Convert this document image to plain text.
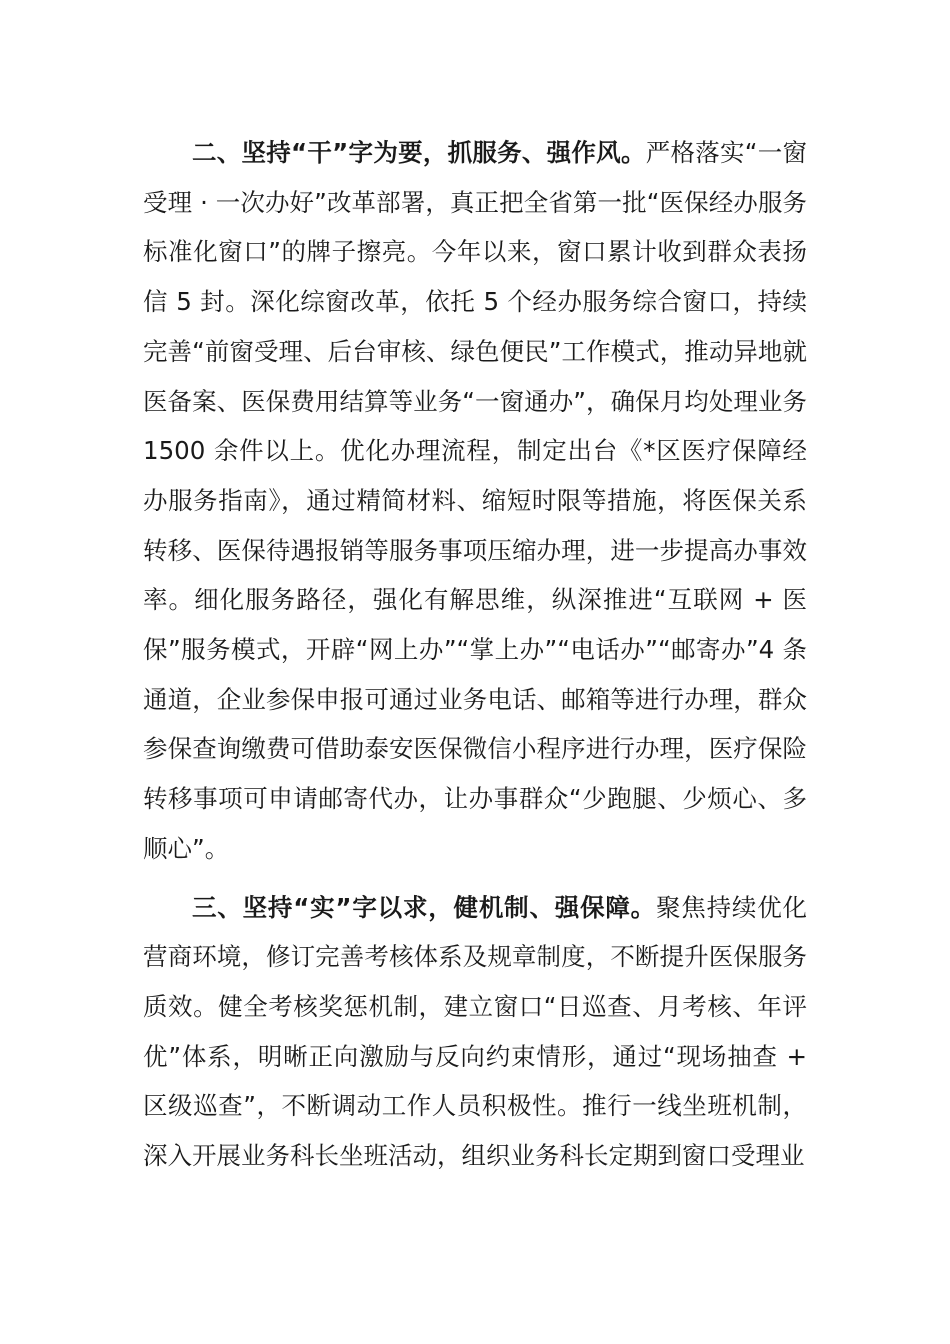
二、坚持“干”字为要，抓服务、强作风。严格落实“一窗受理 · 一次办好”改革部署，真正把全省第一批“医保经办服务标准化窗口”的牌子擦亮。今年以来，窗口累计收到群众表扬信 5 封。深化综窗改革，依托 5 个经办服务综合窗口，持续完善“前窗受理、后台审核、绿色便民”工作模式，推动异地就医备案、医保费用结算等业务“一窗通办”，确保月均处理业务 1500 余件以上。优化办理流程，制定出台《*区医疗保障经办服务指南》，通过精简材料、缩短时限等措施，将医保关系转移、医保待遇报销等服务事项压缩办理，进一步提高办事效率。细化服务路径，强化有解思维，纵深推进“互联网 + 医保”服务模式，开辟“网上办”“掌上办”“电话办”“邮寄办”4 条通道，企业参保申报可通过业务电话、邮箱等进行办理，群众参保查询缴费可借助泰安医保微信小程序进行办理，医疗保险转移事项可申请邮寄代办，让办事群众“少跑腿、少烦心、多顺心”。

三、坚持“实”字以求，健机制、强保障。聚焦持续优化营商环境，修订完善考核体系及规章制度，不断提升医保服务质效。健全考核奖惩机制，建立窗口“日巡查、月考核、年评优”体系，明晰正向激励与反向约束情形，通过“现场抽查 + 区级巡查”，不断调动工作人员积极性。推行一线坐班机制，深入开展业务科长坐班活动，组织业务科长定期到窗口受理业
